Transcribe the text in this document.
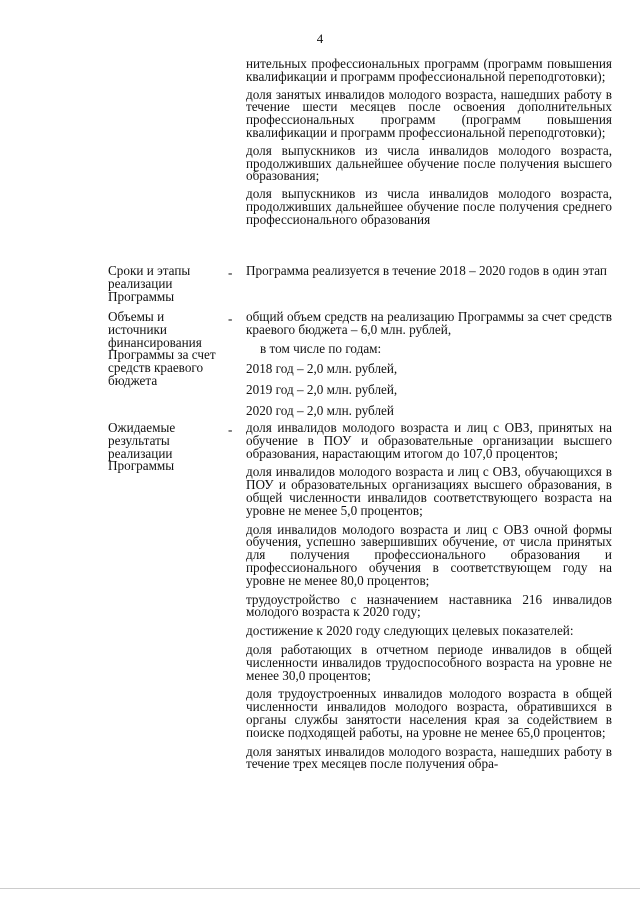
4

нительных профессиональных программ (программ повышения квалификации и программ профессиональной переподготовки);

доля занятых инвалидов молодого возраста, нашедших работу в течение шести месяцев после освоения дополнительных профессиональных программ (программ повышения квалификации и программ профессиональной переподготовки);

доля выпускников из числа инвалидов молодого возраста, продолживших дальнейшее обучение после получения высшего образования;

доля выпускников из числа инвалидов молодого возраста, продолживших дальнейшее обучение после получения среднего профессионального образования

Сроки и этапы реализации Программы
- Программа реализуется в течение 2018 – 2020 годов в один этап

Объемы и источники финансирования Программы за счет средств краевого бюджета
- общий объем средств на реализацию Программы за счет средств краевого бюджета – 6,0 млн. рублей,

в том числе по годам:

2018 год – 2,0 млн. рублей,

2019 год – 2,0 млн. рублей,

2020 год – 2,0 млн. рублей

Ожидаемые результаты реализации Программы
- доля инвалидов молодого возраста и лиц с ОВЗ, принятых на обучение в ПОУ и образовательные организации высшего образования, нарастающим итогом до 107,0 процентов;

доля инвалидов молодого возраста и лиц с ОВЗ, обучающихся в ПОУ и образовательных организациях высшего образования, в общей численности инвалидов соответствующего возраста на уровне не менее 5,0 процентов;

доля инвалидов молодого возраста и лиц с ОВЗ очной формы обучения, успешно завершивших обучение, от числа принятых для получения профессионального образования и профессионального обучения в соответствующем году на уровне не менее 80,0 процентов;

трудоустройство с назначением наставника 216 инвалидов молодого возраста к 2020 году;

достижение к 2020 году следующих целевых показателей:

доля работающих в отчетном периоде инвалидов в общей численности инвалидов трудоспособного возраста на уровне не менее 30,0 процентов;

доля трудоустроенных инвалидов молодого возраста в общей численности инвалидов молодого возраста, обратившихся в органы службы занятости населения края за содействием в поиске подходящей работы, на уровне не менее 65,0 процентов;

доля занятых инвалидов молодого возраста, нашедших работу в течение трех месяцев после получения обра-
